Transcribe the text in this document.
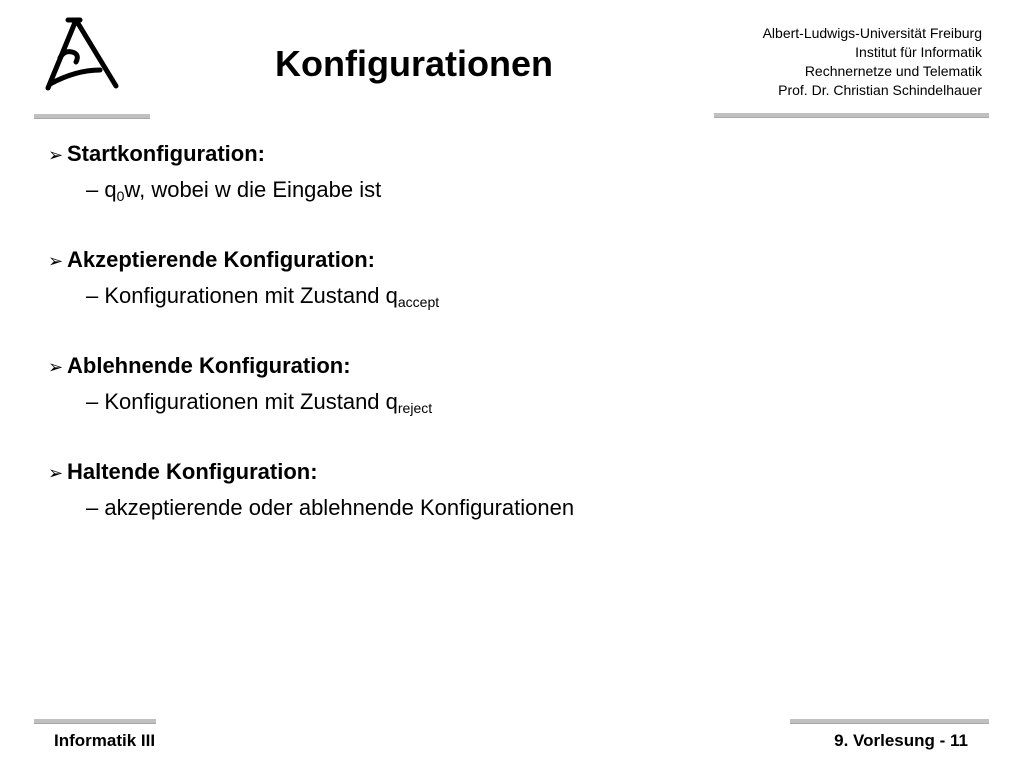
Konfigurationen
Albert-Ludwigs-Universität Freiburg
Institut für Informatik
Rechnernetze und Telematik
Prof. Dr. Christian Schindelhauer
➢ Startkonfiguration:
– $q_0w$, wobei w die Eingabe ist
➢ Akzeptierende Konfiguration:
– Konfigurationen mit Zustand $q_{accept}$
➢ Ablehnende Konfiguration:
– Konfigurationen mit Zustand $q_{reject}$
➢ Haltende Konfiguration:
– akzeptierende oder ablehnende Konfigurationen
Informatik III	9. Vorlesung - 11
